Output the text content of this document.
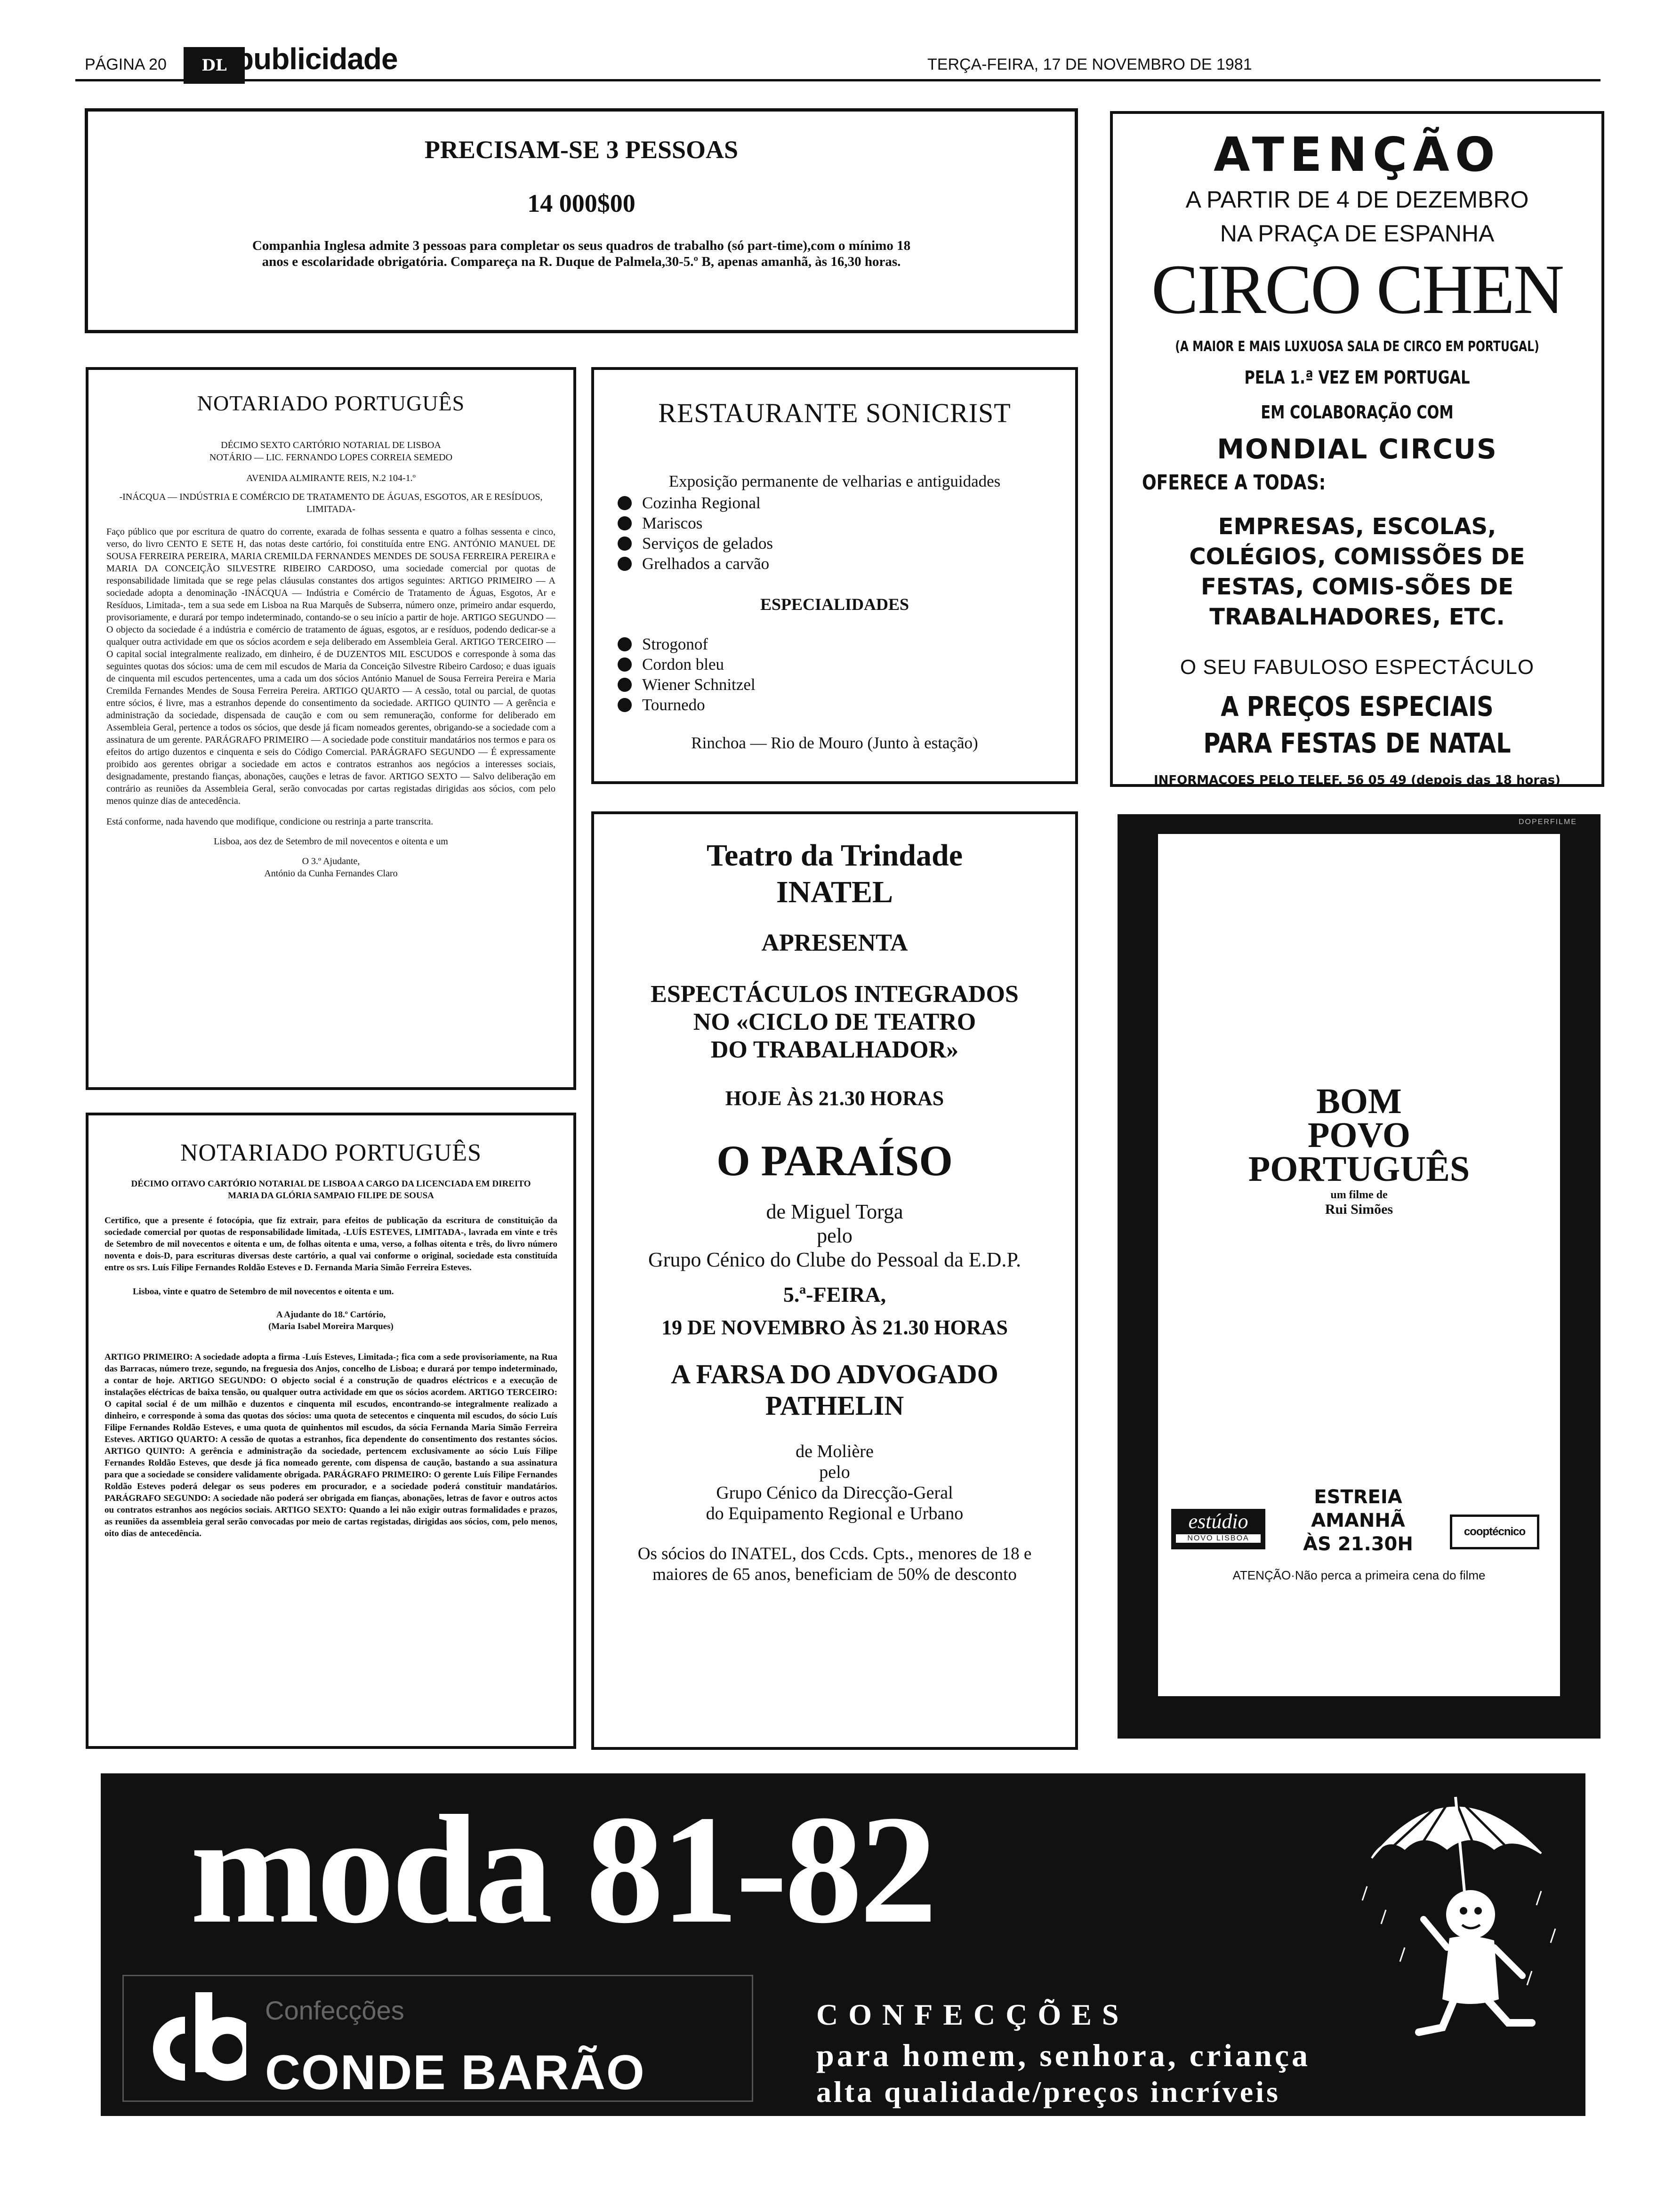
PÁGINA 20	DL publicidade	TERÇA-FEIRA, 17 DE NOVEMBRO DE 1981
PRECISAM-SE 3 PESSOAS
14 000$00
Companhia Inglesa admite 3 pessoas para completar os seus quadros de trabalho (só part-time),com o mínimo 18 anos e escolaridade obrigatória. Compareça na R. Duque de Palmela,30-5.º B, apenas amanhã, às 16,30 horas.
ATENÇÃO
A PARTIR DE 4 DE DEZEMBRO
NA PRAÇA DE ESPANHA
CIRCO CHEN
(A MAIOR E MAIS LUXUOSA SALA DE CIRCO EM PORTUGAL)
PELA 1.ª VEZ EM PORTUGAL
EM COLABORAÇÃO COM
MONDIAL CIRCUS
OFERECE A TODAS:
EMPRESAS, ESCOLAS, COLÉGIOS, COMISSÕES DE FESTAS, COMIS-SÕES DE TRABALHADORES, ETC.
O SEU FABULOSO ESPECTÁCULO
A PREÇOS ESPECIAIS
PARA FESTAS DE NATAL
INFORMAÇOES PELO TELEF. 56 05 49 (depois das 18 horas)
NOTARIADO PORTUGUÊS
DÉCIMO SEXTO CARTÓRIO NOTARIAL DE LISBOA
NOTÁRIO — LIC. FERNANDO LOPES CORREIA SEMEDO
AVENIDA ALMIRANTE REIS, N.2 104-1.º
-INÁCQUA — INDÚSTRIA E COMÉRCIO DE TRATAMENTO DE ÁGUAS, ESGOTOS, AR E RESÍDUOS, LIMITADA-

Faço público que por escritura de quatro do corrente, exarada de folhas sessenta e quatro a folhas sessenta e cinco, verso, do livro CENTO E SETE H, das notas deste cartório, foi constituída entre ENG. ANTÓNIO MANUEL DE SOUSA FERREIRA PEREIRA, MARIA CREMILDA FERNANDES MENDES DE SOUSA FERREIRA PEREIRA e MARIA DA CONCEIÇÃO SILVESTRE RIBEIRO CARDOSO, uma sociedade comercial por quotas de responsabilidade limitada que se rege pelas cláusulas constantes dos artigos seguintes: ARTIGO PRIMEIRO — A sociedade adopta a denominação -INÁCQUA — Indústria e Comércio de Tratamento de Águas, Esgotos, Ar e Resíduos, Limitada-, tem a sua sede em Lisboa na Rua Marquês de Subserra, número onze, primeiro andar esquerdo, provisoriamente, e durará por tempo indeterminado, contando-se o seu início a partir de hoje. ARTIGO SEGUNDO — O objecto da sociedade é a indústria e comércio de tratamento de águas, esgotos, ar e resíduos, podendo dedicar-se a qualquer outra actividade em que os sócios acordem e seja deliberado em Assembleia Geral. ARTIGO TERCEIRO — O capital social integralmente realizado, em dinheiro, é de DUZENTOS MIL ESCUDOS e corresponde à soma das seguintes quotas dos sócios: uma de cem mil escudos de Maria da Conceição Silvestre Ribeiro Cardoso; e duas iguais de cinquenta mil escudos pertencentes, uma a cada um dos sócios António Manuel de Sousa Ferreira Pereira e Maria Cremilda Fernandes Mendes de Sousa Ferreira Pereira. ARTIGO QUARTO — A cessão, total ou parcial, de quotas entre sócios, é livre, mas a estranhos depende do consentimento da sociedade. ARTIGO QUINTO — A gerência e administração da sociedade, dispensada de caução e com ou sem remuneração, conforme for deliberado em Assembleia Geral, pertence a todos os sócios, que desde já ficam nomeados gerentes, obrigando-se a sociedade com a assinatura de um gerente. PARÁGRAFO PRIMEIRO — A sociedade pode constituir mandatários nos termos e para os efeitos do artigo duzentos e cinquenta e seis do Código Comercial. PARÁGRAFO SEGUNDO — É expressamente proibido aos gerentes obrigar a sociedade em actos e contratos estranhos aos negócios a interesses sociais, designadamente, prestando fianças, abonações, cauções e letras de favor. ARTIGO SEXTO — Salvo deliberação em contrário as reuniões da Assembleia Geral, serão convocadas por cartas registadas dirigidas aos sócios, com pelo menos quinze dias de antecedência.

Está conforme, nada havendo que modifique, condicione ou restrinja a parte transcrita.

Lisboa, aos dez de Setembro de mil novecentos e oitenta e um

O 3.º Ajudante,

António da Cunha Fernandes Claro

RESTAURANTE SONICRIST
Exposição permanente de velharias e antiguidades
Cozinha Regional
Mariscos
Serviços de gelados
Grelhados a carvão
ESPECIALIDADES
Strogonof
Cordon bleu
Wiener Schnitzel
Tournedo
Rinchoa — Rio de Mouro (Junto à estação)
NOTARIADO PORTUGUÊS
DÉCIMO OITAVO CARTÓRIO NOTARIAL DE LISBOA A CARGO DA LICENCIADA EM DIREITO MARIA DA GLÓRIA SAMPAIO FILIPE DE SOUSA

Certifico, que a presente é fotocópia, que fiz extrair, para efeitos de publicação da escritura de constituição da sociedade comercial por quotas de responsabilidade limitada, -LUÍS ESTEVES, LIMITADA-, lavrada em vinte e três de Setembro de mil novecentos e oitenta e um, de folhas oitenta e uma, verso, a folhas oitenta e três, do livro número noventa e dois-D, para escrituras diversas deste cartório, a qual vai conforme o original, sociedade esta constituída entre os srs. Luís Filipe Fernandes Roldão Esteves e D. Fernanda Maria Simão Ferreira Esteves.

Lisboa, vinte e quatro de Setembro de mil novecentos e oitenta e um.

A Ajudante do 18.º Cartório,

(Maria Isabel Moreira Marques)

ARTIGO PRIMEIRO: A sociedade adopta a firma -Luís Esteves, Limitada-; fica com a sede provisoriamente, na Rua das Barracas, número treze, segundo, na freguesia dos Anjos, concelho de Lisboa; e durará por tempo indeterminado, a contar de hoje. ARTIGO SEGUNDO: O objecto social é a construção de quadros eléctricos e a execução de instalações eléctricas de baixa tensão, ou qualquer outra actividade em que os sócios acordem. ARTIGO TERCEIRO: O capital social é de um milhão e duzentos e cinquenta mil escudos, encontrando-se integralmente realizado a dinheiro, e corresponde à soma das quotas dos sócios: uma quota de setecentos e cinquenta mil escudos, do sócio Luís Filipe Fernandes Roldão Esteves, e uma quota de quinhentos mil escudos, da sócia Fernanda Maria Simão Ferreira Esteves. ARTIGO QUARTO: A cessão de quotas a estranhos, fica dependente do consentimento dos restantes sócios. ARTIGO QUINTO: A gerência e administração da sociedade, pertencem exclusivamente ao sócio Luís Filipe Fernandes Roldão Esteves, que desde já fica nomeado gerente, com dispensa de caução, bastando a sua assinatura para que a sociedade se considere validamente obrigada. PARÁGRAFO PRIMEIRO: O gerente Luís Filipe Fernandes Roldão Esteves poderá delegar os seus poderes em procurador, e a sociedade poderá constituir mandatários. PARÁGRAFO SEGUNDO: A sociedade não poderá ser obrigada em fianças, abonações, letras de favor e outros actos ou contratos estranhos aos negócios sociais. ARTIGO SEXTO: Quando a lei não exigir outras formalidades e prazos, as reuniões da assembleia geral serão convocadas por meio de cartas registadas, dirigidas aos sócios, com, pelo menos, oito dias de antecedência.

Teatro da Trindade
INATEL
APRESENTA
ESPECTÁCULOS INTEGRADOS
NO «CICLO DE TEATRO
DO TRABALHADOR»
HOJE ÀS 21.30 HORAS
O PARAÍSO
de Miguel Torga
pelo
Grupo Cénico do Clube do Pessoal da E.D.P.
5.ª-FEIRA,
19 DE NOVEMBRO ÀS 21.30 HORAS
A FARSA DO ADVOGADO
PATHELIN
de Molière
pelo
Grupo Cénico da Direcção-Geral
do Equipamento Regional e Urbano
Os sócios do INATEL, dos Ccds. Cpts., menores de 18 e maiores de 65 anos, beneficiam de 50% de desconto
DOPERFILME
BOM
POVO
PORTUGUÊS
um filme de
Rui Simões
estúdio
NOVO LISBOA
ESTREIA
AMANHÃ
ÀS 21.30H
cooptécnico
ATENÇÃO·Não perca a primeira cena do filme
moda 81-82
Confecções
CONDE BARÃO
CONFECÇÕES
para homem, senhora, criança
alta qualidade/preços incríveis
